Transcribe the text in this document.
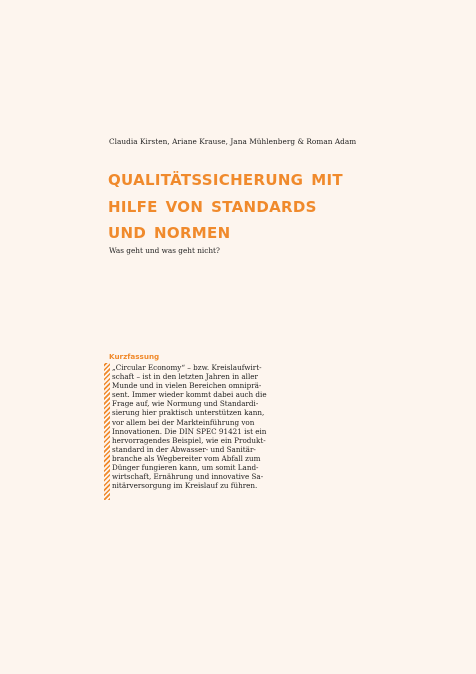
Claudia Kirsten, Ariane Krause, Jana Mühlenberg & Roman Adam
qualitätssicherung mit
hilfe von standards
und normen
Was geht und was geht nicht?
Kurzfassung
„Circular Economy“ – bzw. Kreislaufwirt-
schaft – ist in den letzten Jahren in aller
Munde und in vielen Bereichen omniprä-
sent. Immer wieder kommt dabei auch die
Frage auf, wie Normung und Standardi-
sierung hier praktisch unterstützen kann,
vor allem bei der Markteinführung von
Innovationen. Die DIN SPEC 91421 ist ein
hervorragendes Beispiel, wie ein Produkt-
standard in der Abwasser- und Sanitär-
branche als Wegbereiter vom Abfall zum
Dünger fungieren kann, um somit Land-
wirtschaft, Ernährung und innovative Sa-
nitärversorgung im Kreislauf zu führen.
